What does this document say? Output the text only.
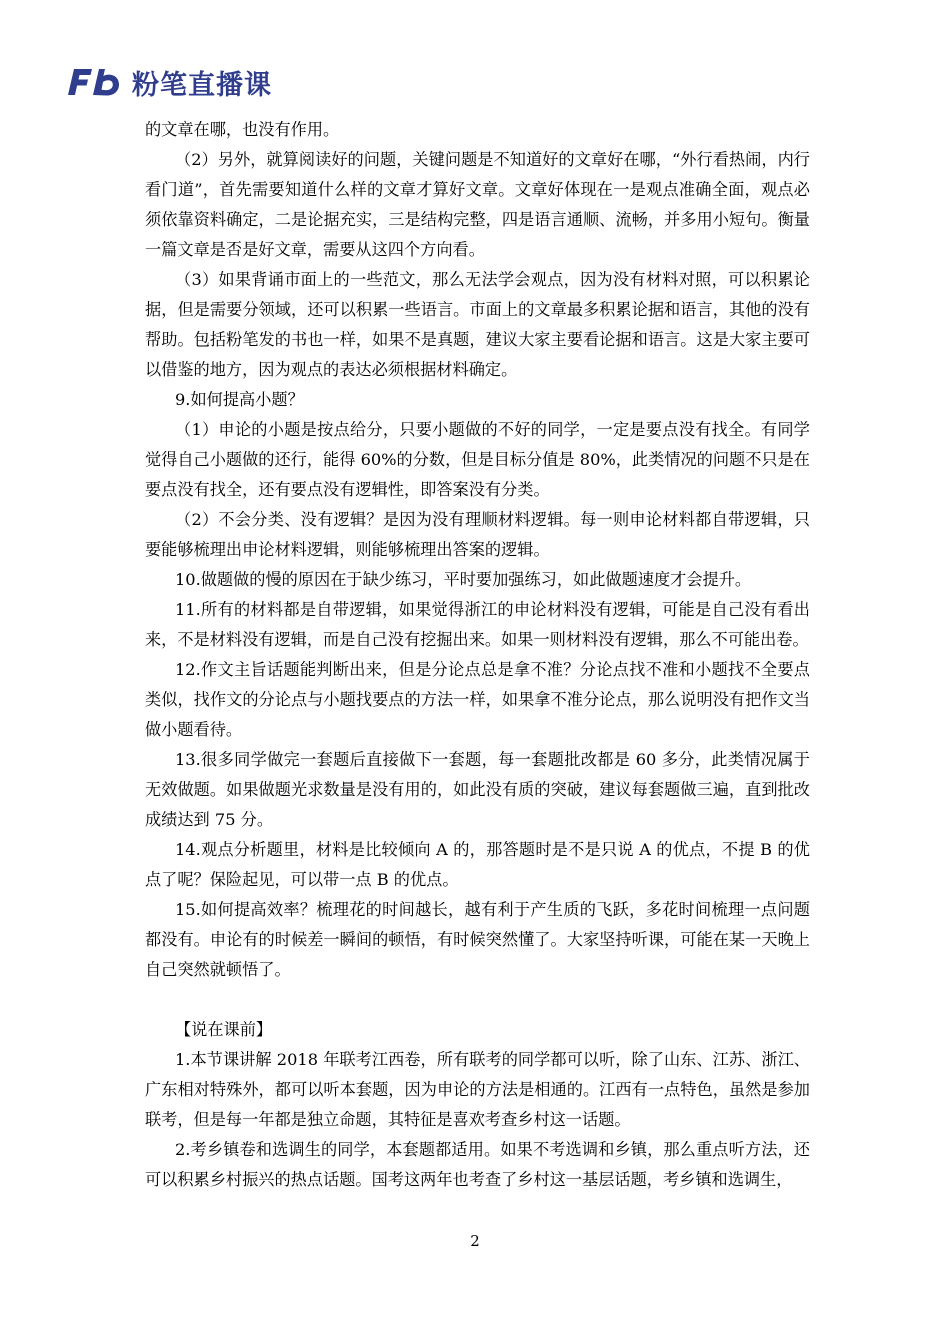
粉笔直播课

的文章在哪，也没有作用。

（2）另外，就算阅读好的问题，关键问题是不知道好的文章好在哪，“外行看热闹，内行看门道”，首先需要知道什么样的文章才算好文章。文章好体现在一是观点准确全面，观点必须依靠资料确定，二是论据充实，三是结构完整，四是语言通顺、流畅，并多用小短句。衡量一篇文章是否是好文章，需要从这四个方向看。

（3）如果背诵市面上的一些范文，那么无法学会观点，因为没有材料对照，可以积累论据，但是需要分领域，还可以积累一些语言。市面上的文章最多积累论据和语言，其他的没有帮助。包括粉笔发的书也一样，如果不是真题，建议大家主要看论据和语言。这是大家主要可以借鉴的地方，因为观点的表达必须根据材料确定。

9.如何提高小题？

（1）申论的小题是按点给分，只要小题做的不好的同学，一定是要点没有找全。有同学觉得自己小题做的还行，能得 60%的分数，但是目标分值是 80%，此类情况的问题不只是在要点没有找全，还有要点没有逻辑性，即答案没有分类。

（2）不会分类、没有逻辑？是因为没有理顺材料逻辑。每一则申论材料都自带逻辑，只要能够梳理出申论材料逻辑，则能够梳理出答案的逻辑。

10.做题做的慢的原因在于缺少练习，平时要加强练习，如此做题速度才会提升。

11.所有的材料都是自带逻辑，如果觉得浙江的申论材料没有逻辑，可能是自己没有看出来，不是材料没有逻辑，而是自己没有挖掘出来。如果一则材料没有逻辑，那么不可能出卷。

12.作文主旨话题能判断出来，但是分论点总是拿不准？分论点找不准和小题找不全要点类似，找作文的分论点与小题找要点的方法一样，如果拿不准分论点，那么说明没有把作文当做小题看待。

13.很多同学做完一套题后直接做下一套题，每一套题批改都是 60 多分，此类情况属于无效做题。如果做题光求数量是没有用的，如此没有质的突破，建议每套题做三遍，直到批改成绩达到 75 分。

14.观点分析题里，材料是比较倾向 A 的，那答题时是不是只说 A 的优点，不提 B 的优点了呢？保险起见，可以带一点 B 的优点。

15.如何提高效率？梳理花的时间越长，越有利于产生质的飞跃，多花时间梳理一点问题都没有。申论有的时候差一瞬间的顿悟，有时候突然懂了。大家坚持听课，可能在某一天晚上自己突然就顿悟了。

【说在课前】

1.本节课讲解 2018 年联考江西卷，所有联考的同学都可以听，除了山东、江苏、浙江、广东相对特殊外，都可以听本套题，因为申论的方法是相通的。江西有一点特色，虽然是参加联考，但是每一年都是独立命题，其特征是喜欢考查乡村这一话题。

2.考乡镇卷和选调生的同学，本套题都适用。如果不考选调和乡镇，那么重点听方法，还可以积累乡村振兴的热点话题。国考这两年也考查了乡村这一基层话题，考乡镇和选调生，

2
